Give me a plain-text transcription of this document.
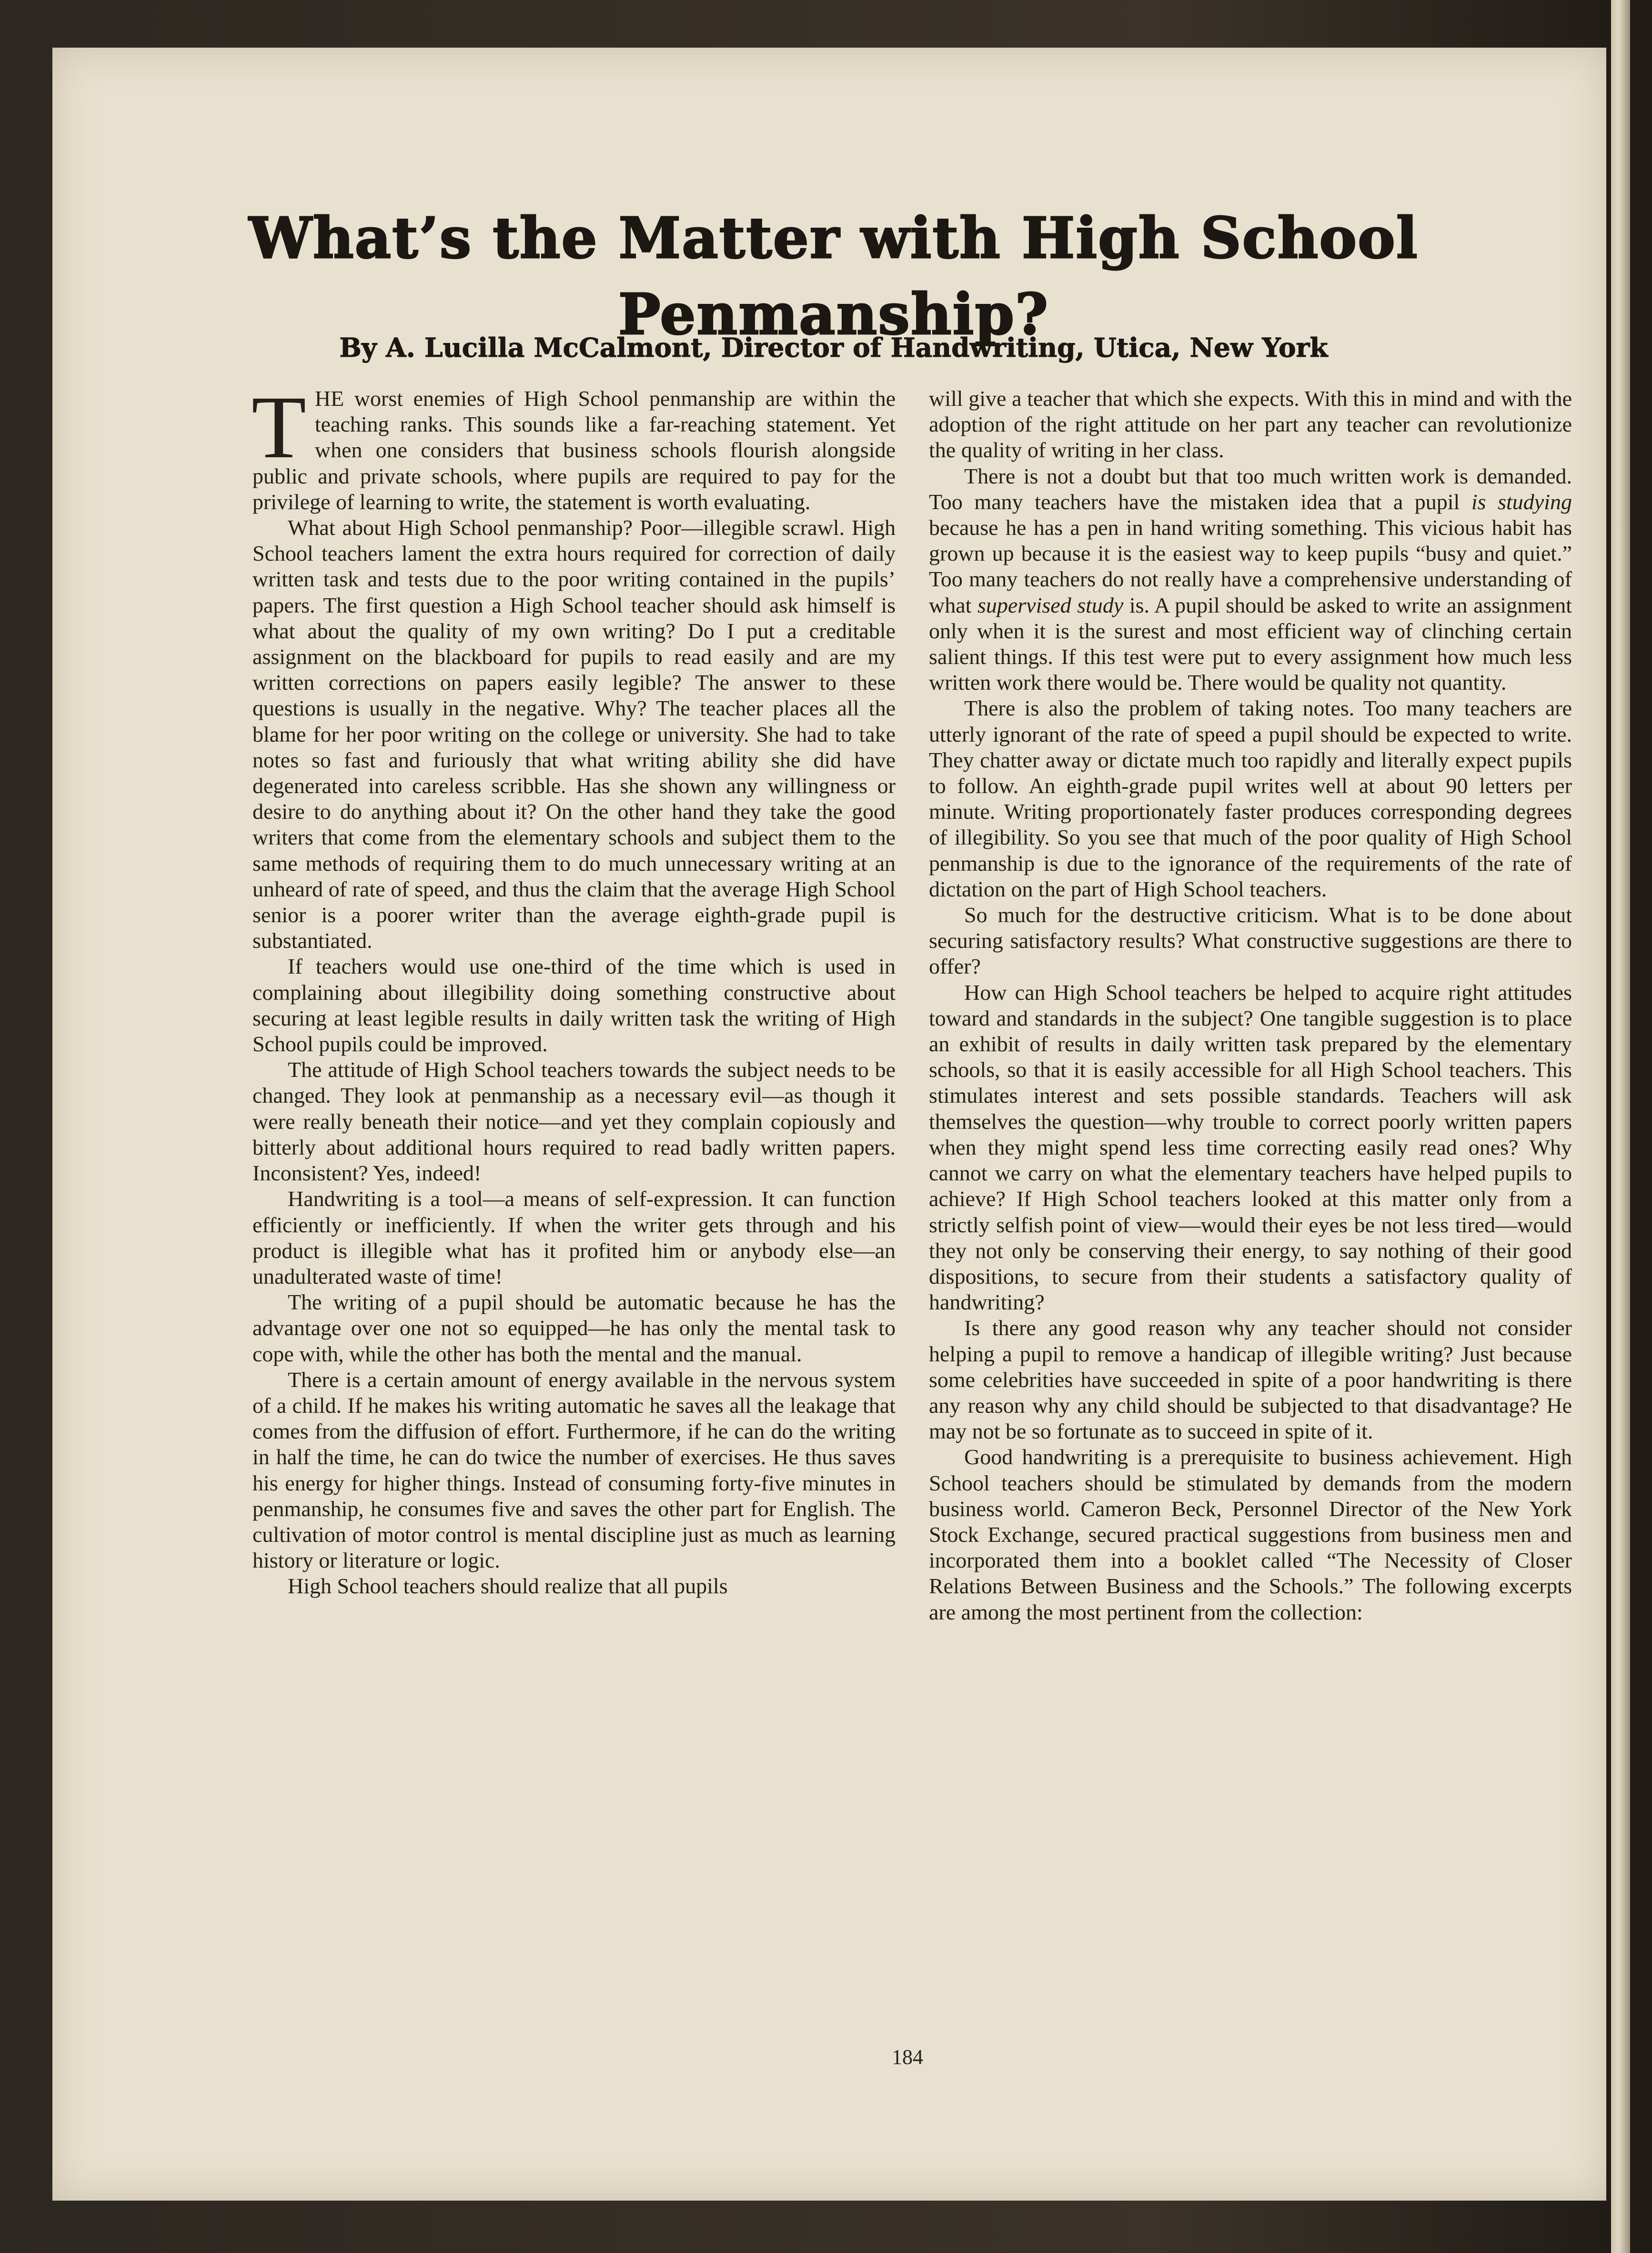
What’s the Matter with High School Penmanship?
By A. Lucilla McCalmont, Director of Handwriting, Utica, New York

THE worst enemies of High School penmanship are within the teaching ranks. This sounds like a far-reaching statement. Yet when one considers that business schools flourish alongside public and private schools, where pupils are required to pay for the privilege of learning to write, the statement is worth evaluating.

What about High School penmanship? Poor—illegible scrawl. High School teachers lament the extra hours required for correction of daily written task and tests due to the poor writing contained in the pupils’ papers. The first question a High School teacher should ask himself is what about the quality of my own writing? Do I put a creditable assignment on the blackboard for pupils to read easily and are my written corrections on papers easily legible? The answer to these questions is usually in the negative. Why? The teacher places all the blame for her poor writing on the college or university. She had to take notes so fast and furiously that what writing ability she did have degenerated into careless scribble. Has she shown any willingness or desire to do anything about it? On the other hand they take the good writers that come from the elementary schools and subject them to the same methods of requiring them to do much unnecessary writing at an unheard of rate of speed, and thus the claim that the average High School senior is a poorer writer than the average eighth-grade pupil is substantiated.

If teachers would use one-third of the time which is used in complaining about illegibility doing something constructive about securing at least legible results in daily written task the writing of High School pupils could be improved.

The attitude of High School teachers towards the subject needs to be changed. They look at penmanship as a necessary evil—as though it were really beneath their notice—and yet they complain copiously and bitterly about additional hours required to read badly written papers. Inconsistent? Yes, indeed!

Handwriting is a tool—a means of self-expression. It can function efficiently or inefficiently. If when the writer gets through and his product is illegible what has it profited him or anybody else—an unadulterated waste of time!

The writing of a pupil should be automatic because he has the advantage over one not so equipped—he has only the mental task to cope with, while the other has both the mental and the manual.

There is a certain amount of energy available in the nervous system of a child. If he makes his writing automatic he saves all the leakage that comes from the diffusion of effort. Furthermore, if he can do the writing in half the time, he can do twice the number of exercises. He thus saves his energy for higher things. Instead of consuming forty-five minutes in penmanship, he consumes five and saves the other part for English. The cultivation of motor control is mental discipline just as much as learning history or literature or logic.

High School teachers should realize that all pupils

will give a teacher that which she expects. With this in mind and with the adoption of the right attitude on her part any teacher can revolutionize the quality of writing in her class.

There is not a doubt but that too much written work is demanded. Too many teachers have the mistaken idea that a pupil is studying because he has a pen in hand writing something. This vicious habit has grown up because it is the easiest way to keep pupils “busy and quiet.” Too many teachers do not really have a comprehensive understanding of what supervised study is. A pupil should be asked to write an assignment only when it is the surest and most efficient way of clinching certain salient things. If this test were put to every assignment how much less written work there would be. There would be quality not quantity.

There is also the problem of taking notes. Too many teachers are utterly ignorant of the rate of speed a pupil should be expected to write. They chatter away or dictate much too rapidly and literally expect pupils to follow. An eighth-grade pupil writes well at about 90 letters per minute. Writing proportionately faster produces corresponding degrees of illegibility. So you see that much of the poor quality of High School penmanship is due to the ignorance of the requirements of the rate of dictation on the part of High School teachers.

So much for the destructive criticism. What is to be done about securing satisfactory results? What constructive suggestions are there to offer?

How can High School teachers be helped to acquire right attitudes toward and standards in the subject? One tangible suggestion is to place an exhibit of results in daily written task prepared by the elementary schools, so that it is easily accessible for all High School teachers. This stimulates interest and sets possible standards. Teachers will ask themselves the question—why trouble to correct poorly written papers when they might spend less time correcting easily read ones? Why cannot we carry on what the elementary teachers have helped pupils to achieve? If High School teachers looked at this matter only from a strictly selfish point of view—would their eyes be not less tired—would they not only be conserving their energy, to say nothing of their good dispositions, to secure from their students a satisfactory quality of handwriting?

Is there any good reason why any teacher should not consider helping a pupil to remove a handicap of illegible writing? Just because some celebrities have succeeded in spite of a poor handwriting is there any reason why any child should be subjected to that disadvantage? He may not be so fortunate as to succeed in spite of it.

Good handwriting is a prerequisite to business achievement. High School teachers should be stimulated by demands from the modern business world. Cameron Beck, Personnel Director of the New York Stock Exchange, secured practical suggestions from business men and incorporated them into a booklet called “The Necessity of Closer Relations Between Business and the Schools.” The following excerpts are among the most pertinent from the collection:

184
